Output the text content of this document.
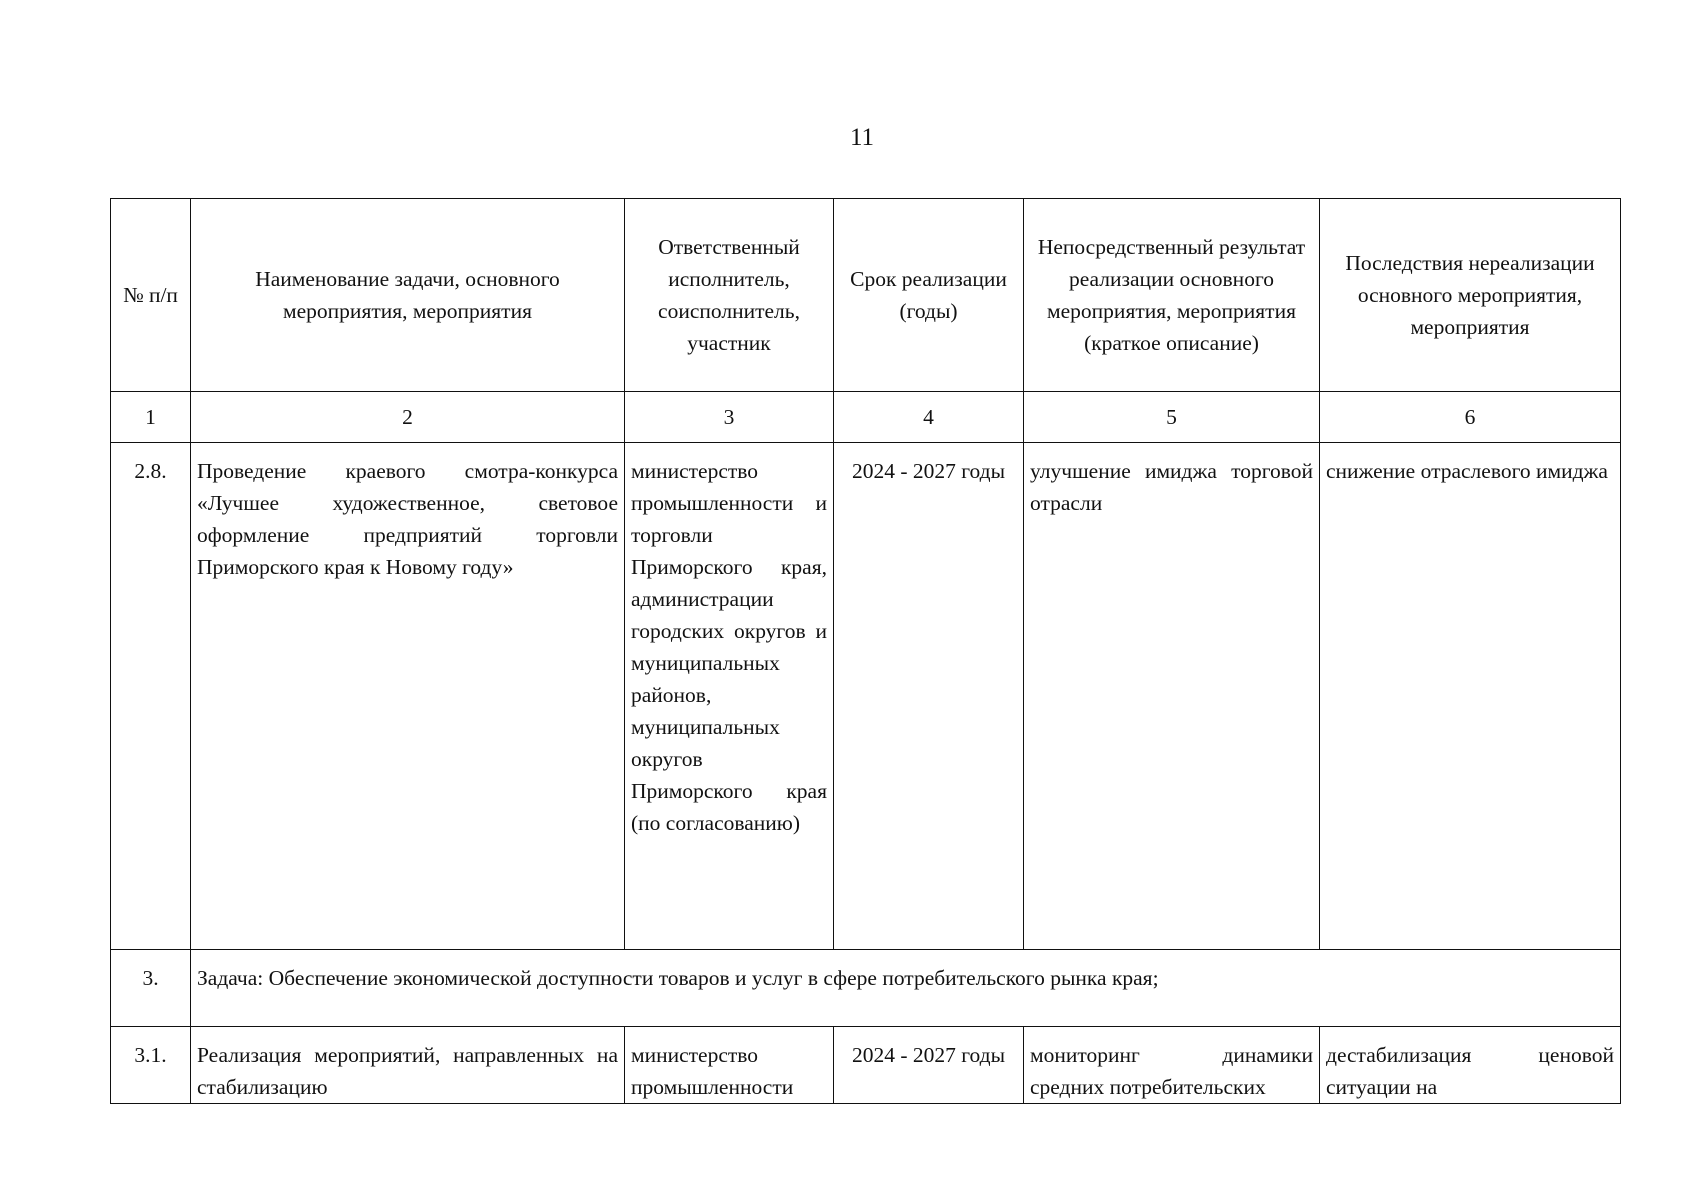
11
№ п/п	Наименование задачи, основного мероприятия, мероприятия	Ответственный исполнитель, соисполнитель, участник	Срок реализации (годы)	Непосредственный результат реализации основного мероприятия, мероприятия (краткое описание)	Последствия нереализации основного мероприятия, мероприятия
1	2	3	4	5	6
2.8.	Проведение краевого смотра-конкурса «Лучшее художественное, световое оформление предприятий торговли Приморского края к Новому году»	министерство промышленности и торговли Приморского края, администрации городских округов и муниципальных районов, муниципальных округов Приморского края (по согласованию)	2024 - 2027 годы	улучшение имиджа торговой отрасли	снижение отраслевого имиджа
3.	Задача: Обеспечение экономической доступности товаров и услуг в сфере потребительского рынка края;				
3.1.	Реализация мероприятий, направленных на стабилизацию	министерство промышленности	2024 - 2027 годы	мониторинг динамики средних потребительских	дестабилизация ценовой ситуации на
